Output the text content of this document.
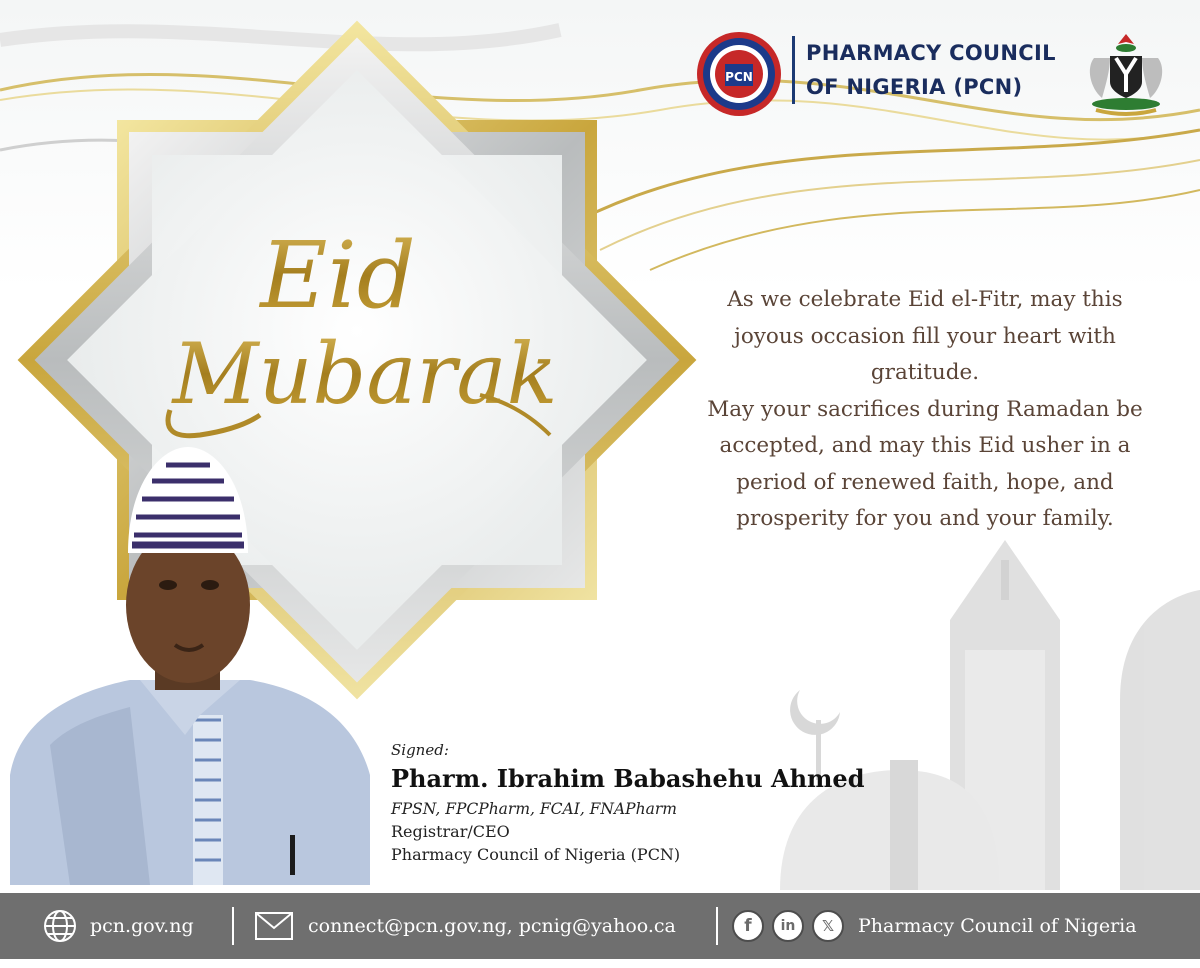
PCN
PHARMACY COUNCIL
OF NIGERIA (PCN)
Eid
Mubarak

As we celebrate Eid el-Fitr, may this joyous occasion fill your heart with gratitude.

May your sacrifices during Ramadan be accepted, and may this Eid usher in a period of renewed faith, hope, and prosperity for you and your family.

Signed:
Pharm. Ibrahim Babashehu Ahmed
FPSN, FPCPharm, FCAI, FNAPharm
Registrar/CEO
Pharmacy Council of Nigeria (PCN)
pcn.gov.ng	connect@pcn.gov.ng, pcnig@yahoo.ca	f	in	𝕏	Pharmacy Council of Nigeria
